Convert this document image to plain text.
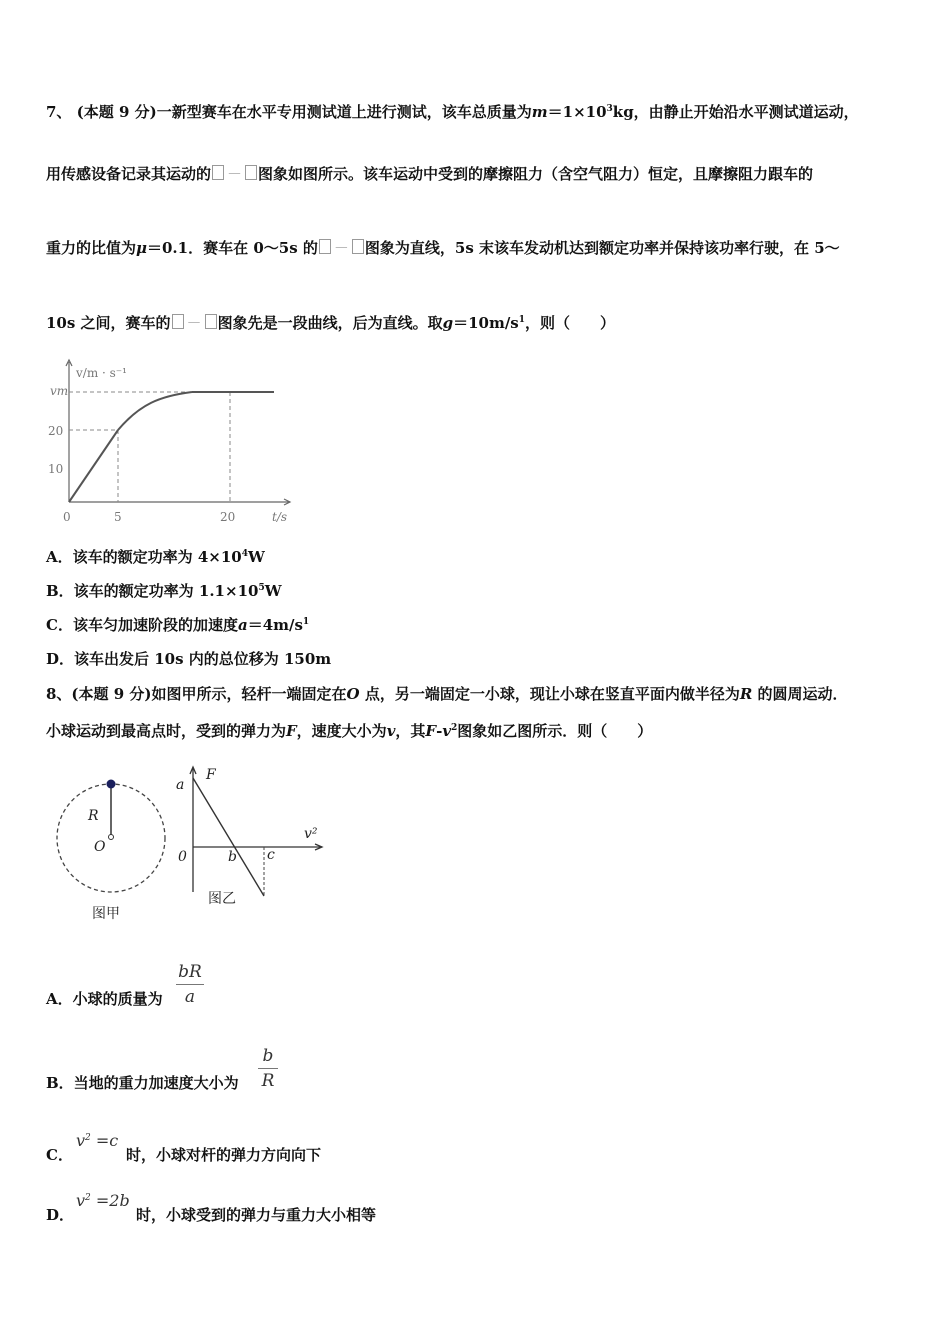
7、 (本题 9 分)一新型赛车在水平专用测试道上进行测试，该车总质量为$m=1\times 10^3kg$，由静止开始沿水平测试道运动，
用传感设备记录其运动的 － 图象如图所示。该车运动中受到的摩擦阻力（含空气阻力）恒定，且摩擦阻力跟车的
重力的比值为μ＝0.1．赛车在 0～5s 的 － 图象为直线，5s 末该车发动机达到额定功率并保持该功率行驶，在 5～
10s 之间，赛车的 － 图象先是一段曲线，后为直线。取$g=10m/s^1$，则（　　）
v/m · s⁻¹
vm
20
10
0	5	20	t/s
A．该车的额定功率为 $4\times 10^4W$
B．该车的额定功率为 $1.1\times 10^5W$
C．该车匀加速阶段的加速度$a=4m/s^1$
D．该车出发后 10s 内的总位移为 150m
8、(本题 9 分)如图甲所示，轻杆一端固定在O 点，另一端固定一小球，现让小球在竖直平面内做半径为R 的圆周运动．
小球运动到最高点时，受到的弹力为F，速度大小为v，其$F-v^2$图象如乙图所示．则（　　）
R
O
图甲
a
F
v²
0	b c
图乙
A．小球的质量为
bR
a
B．当地的重力加速度大小为
b
R
C．
$v^2 =c$
时，小球对杆的弹力方向向下
D．
$v^2 =2b$
时，小球受到的弹力与重力大小相等
